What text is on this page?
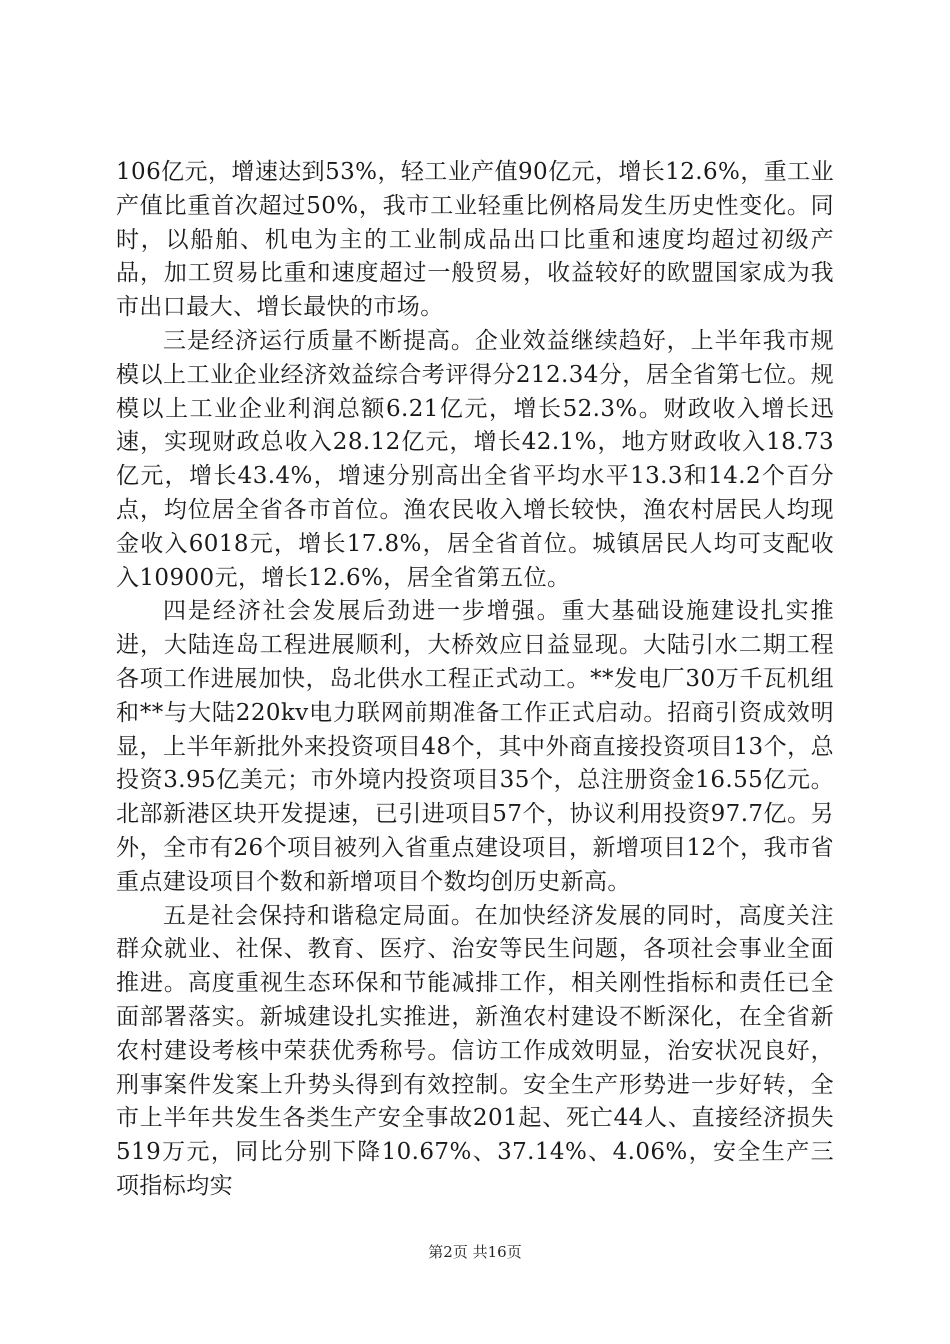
106亿元，增速达到53%，轻工业产值90亿元，增长12.6%，重工业产值比重首次超过50%，我市工业轻重比例格局发生历史性变化。同时，以船舶、机电为主的工业制成品出口比重和速度均超过初级产品，加工贸易比重和速度超过一般贸易，收益较好的欧盟国家成为我市出口最大、增长最快的市场。

三是经济运行质量不断提高。企业效益继续趋好，上半年我市规模以上工业企业经济效益综合考评得分212.34分，居全省第七位。规模以上工业企业利润总额6.21亿元，增长52.3%。财政收入增长迅速，实现财政总收入28.12亿元，增长42.1%，地方财政收入18.73亿元，增长43.4%，增速分别高出全省平均水平13.3和14.2个百分点，均位居全省各市首位。渔农民收入增长较快，渔农村居民人均现金收入6018元，增长17.8%，居全省首位。城镇居民人均可支配收入10900元，增长12.6%，居全省第五位。

四是经济社会发展后劲进一步增强。重大基础设施建设扎实推进，大陆连岛工程进展顺利，大桥效应日益显现。大陆引水二期工程各项工作进展加快，岛北供水工程正式动工。**发电厂30万千瓦机组和**与大陆220kv电力联网前期准备工作正式启动。招商引资成效明显，上半年新批外来投资项目48个，其中外商直接投资项目13个，总投资3.95亿美元；市外境内投资项目35个，总注册资金16.55亿元。北部新港区块开发提速，已引进项目57个，协议利用投资97.7亿。另外，全市有26个项目被列入省重点建设项目，新增项目12个，我市省重点建设项目个数和新增项目个数均创历史新高。

五是社会保持和谐稳定局面。在加快经济发展的同时，高度关注群众就业、社保、教育、医疗、治安等民生问题，各项社会事业全面推进。高度重视生态环保和节能减排工作，相关刚性指标和责任已全面部署落实。新城建设扎实推进，新渔农村建设不断深化，在全省新农村建设考核中荣获优秀称号。信访工作成效明显，治安状况良好，刑事案件发案上升势头得到有效控制。安全生产形势进一步好转，全市上半年共发生各类生产安全事故201起、死亡44人、直接经济损失519万元，同比分别下降10.67%、37.14%、4.06%，安全生产三项指标均实

第2页 共16页
